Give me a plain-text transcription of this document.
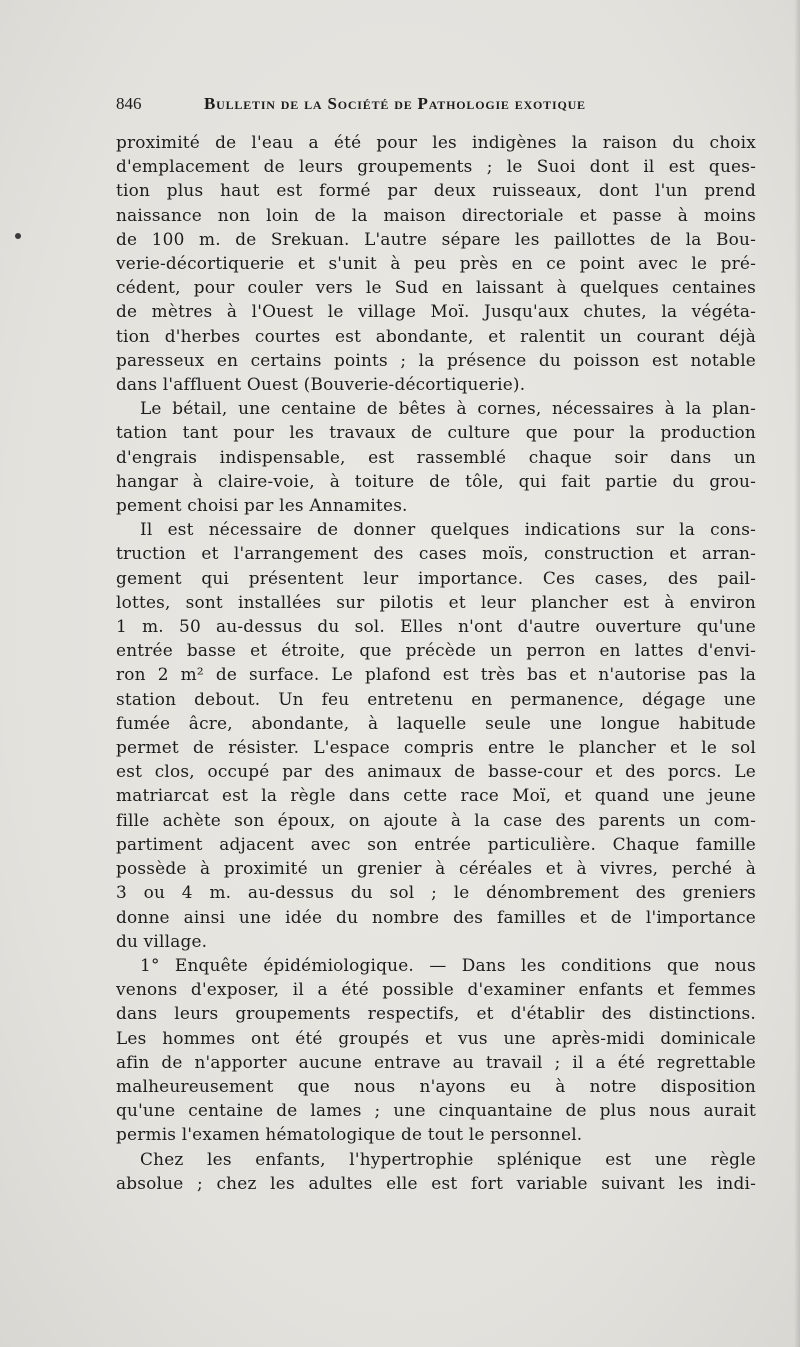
846	Bulletin de la Société de Pathologie exotique
proximité de l'eau a été pour les indigènes la raison du choix
d'emplacement de leurs groupements ; le Suoi dont il est ques-
tion plus haut est formé par deux ruisseaux, dont l'un prend
naissance non loin de la maison directoriale et passe à moins
de 100 m. de Srekuan. L'autre sépare les paillottes de la Bou-
verie-décortiquerie et s'unit à peu près en ce point avec le pré-
cédent, pour couler vers le Sud en laissant à quelques centaines
de mètres à l'Ouest le village Moï. Jusqu'aux chutes, la végéta-
tion d'herbes courtes est abondante, et ralentit un courant déjà
paresseux en certains points ; la présence du poisson est notable
dans l'affluent Ouest (Bouverie-décortiquerie).
Le bétail, une centaine de bêtes à cornes, nécessaires à la plan-
tation tant pour les travaux de culture que pour la production
d'engrais indispensable, est rassemblé chaque soir dans un
hangar à claire-voie, à toiture de tôle, qui fait partie du grou-
pement choisi par les Annamites.
Il est nécessaire de donner quelques indications sur la cons-
truction et l'arrangement des cases moïs, construction et arran-
gement qui présentent leur importance. Ces cases, des pail-
lottes, sont installées sur pilotis et leur plancher est à environ
1 m. 50 au-dessus du sol. Elles n'ont d'autre ouverture qu'une
entrée basse et étroite, que précède un perron en lattes d'envi-
ron 2 m² de surface. Le plafond est très bas et n'autorise pas la
station debout. Un feu entretenu en permanence, dégage une
fumée âcre, abondante, à laquelle seule une longue habitude
permet de résister. L'espace compris entre le plancher et le sol
est clos, occupé par des animaux de basse-cour et des porcs. Le
matriarcat est la règle dans cette race Moï, et quand une jeune
fille achète son époux, on ajoute à la case des parents un com-
partiment adjacent avec son entrée particulière. Chaque famille
possède à proximité un grenier à céréales et à vivres, perché à
3 ou 4 m. au-dessus du sol ; le dénombrement des greniers
donne ainsi une idée du nombre des familles et de l'importance
du village.
1° Enquête épidémiologique. — Dans les conditions que nous
venons d'exposer, il a été possible d'examiner enfants et femmes
dans leurs groupements respectifs, et d'établir des distinctions.
Les hommes ont été groupés et vus une après-midi dominicale
afin de n'apporter aucune entrave au travail ; il a été regrettable
malheureusement que nous n'ayons eu à notre disposition
qu'une centaine de lames ; une cinquantaine de plus nous aurait
permis l'examen hématologique de tout le personnel.
Chez les enfants, l'hypertrophie splénique est une règle
absolue ; chez les adultes elle est fort variable suivant les indi-
